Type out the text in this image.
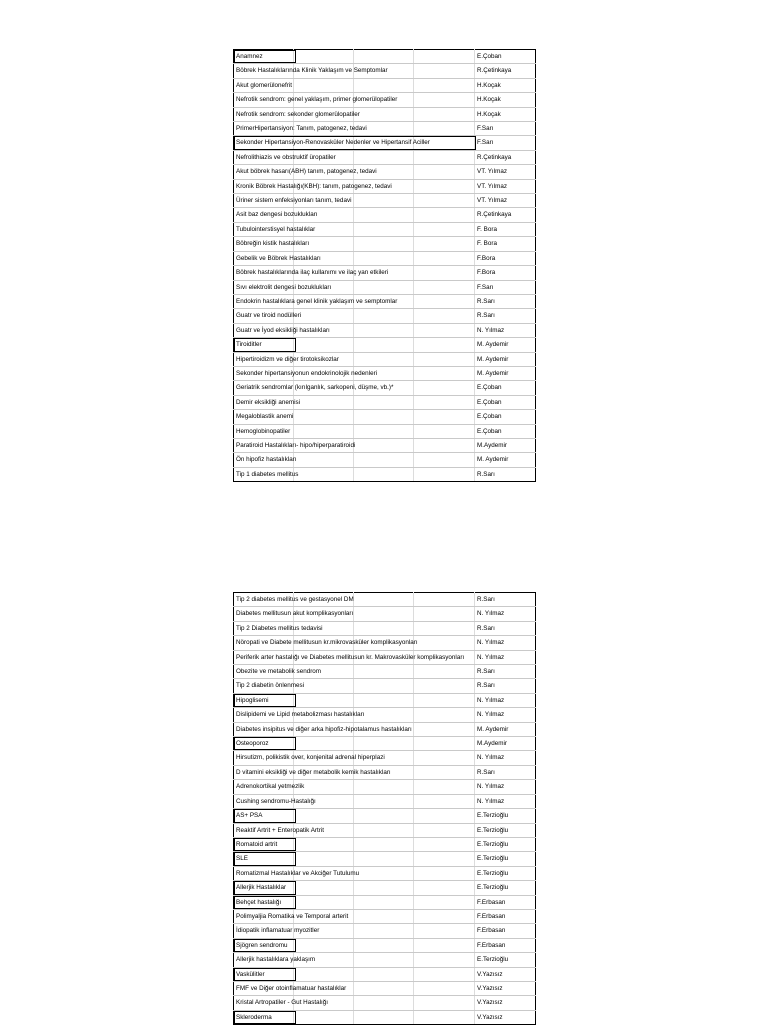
Anamnez				E.Çoban
Böbrek Hastalıklarında Klinik Yaklaşım ve Semptomlar				R.Çetinkaya
Akut glomerülonefrit				H.Koçak
Nefrotik sendrom: genel yaklaşım, primer glomerülopatiler				H.Koçak
Nefrotik sendrom: sekonder glomerülopatiler				H.Koçak
PrimerHipertansiyon: Tanım, patogenez, tedavi				F.Sarı

Sekonder Hipertansiyon-Renovasküler Nedenler ve Hipertansif Aciller				F.Sarı
Nefrolithiazis ve obstruktif üropatiler				R.Çetinkaya
Akut böbrek hasarı(ABH) tanım, patogenez, tedavi				VT. Yılmaz
Kronik Böbrek Hastalığı(KBH): tanım, patogenez, tedavi				VT. Yılmaz
Üriner sistem enfeksiyonları tanım, tedavi				VT. Yılmaz
Asit baz dengesi bozuklukları				R.Çetinkaya
Tubulointerstisyel hastalıklar				F. Bora
Böbreğin kistik hastalıkları				F. Bora
Gebelik ve Böbrek Hastalıkları				F.Bora
Böbrek hastalıklarında ilaç kullanımı ve ilaç yan etkileri				F.Bora
Sıvı elektrolit dengesi bozuklukları				F.Sarı
Endokrin hastalıklara genel klinik yaklaşım ve semptomlar				R.Sarı
Guatr ve tiroid nodülleri				R.Sarı
Guatr ve İyod eksikliği hastalıkları				N. Yılmaz

Tiroiditler				M. Aydemir
Hipertiroidizm ve diğer tirotoksikozlar				M. Aydemir
Sekonder hipertansiyonun endokrinolojik nedenleri				M. Aydemir
Geriatrik sendromlar (kırılganlık, sarkopeni, düşme, vb.)*				E.Çoban
Demir eksikliği anemisi				E.Çoban
Megaloblastik anemi				E.Çoban
Hemoglobinopatiler				E.Çoban
Paratiroid Hastalıkları- hipo/hiperparatiroidi				M.Aydemir
Ön hipofiz hastalıkları				M. Aydemir
Tip 1 diabetes mellitus				R.Sarı
Tip 2 diabetes mellitus ve gestasyonel DM				R.Sarı
Diabetes mellitusun akut komplikasyonları				N. Yılmaz
Tip 2 Diabetes mellitus tedavisi				R.Sarı
Nöropati ve Diabete mellitusun kr.mikrovasküler komplikasyonları				N. Yılmaz
Periferik arter hastalığı ve Diabetes mellitusun kr. Makrovasküler komplikasyonları				N. Yılmaz
Obezite ve metabolik sendrom				R.Sarı
Tip 2 diabetin önlenmesi				R.Sarı

Hipoglisemi				N. Yılmaz
Dislipidemi ve Lipid metabolizması hastalıkları				N. Yılmaz
Diabetes insipitus ve diğer arka hipofiz-hipotalamus hastalıkları				M. Aydemir

Osteoporoz				M.Aydemir
Hirsutizm, polikistik over, konjenital adrenal hiperplazi				N. Yılmaz
D vitamini eksikliği ve diğer metabolik kemik hastalıkları				R.Sarı
Adrenokortikal yetmezlik				N. Yılmaz
Cushing sendromu-Hastalığı				N. Yılmaz

AS+ PSA				E.Terzioğlu
Reaktif Artrit + Enteropatik Artrit				E.Terzioğlu

Romatoid artrit				E.Terzioğlu

SLE				E.Terzioğlu
Romatizmal Hastalıklar ve Akciğer Tutulumu				E.Terzioğlu

Allerjik Hastalıklar				E.Terzioğlu

Behçet hastalığı				F.Erbasan
Polimyaljia Romatika ve Temporal arterit				F.Erbasan
İdiopatik inflamatuar myozitler				F.Erbasan

Sjögren sendromu				F.Erbasan
Allerjik hastalıklara yaklaşım				E.Terzioğlu

Vaskülitler				V.Yazısız
FMF ve Diğer otoinflamatuar hastalıklar				V.Yazısız
Kristal Artropatiler - Gut Hastalığı				V.Yazısız

Skleroderma				V.Yazısız
